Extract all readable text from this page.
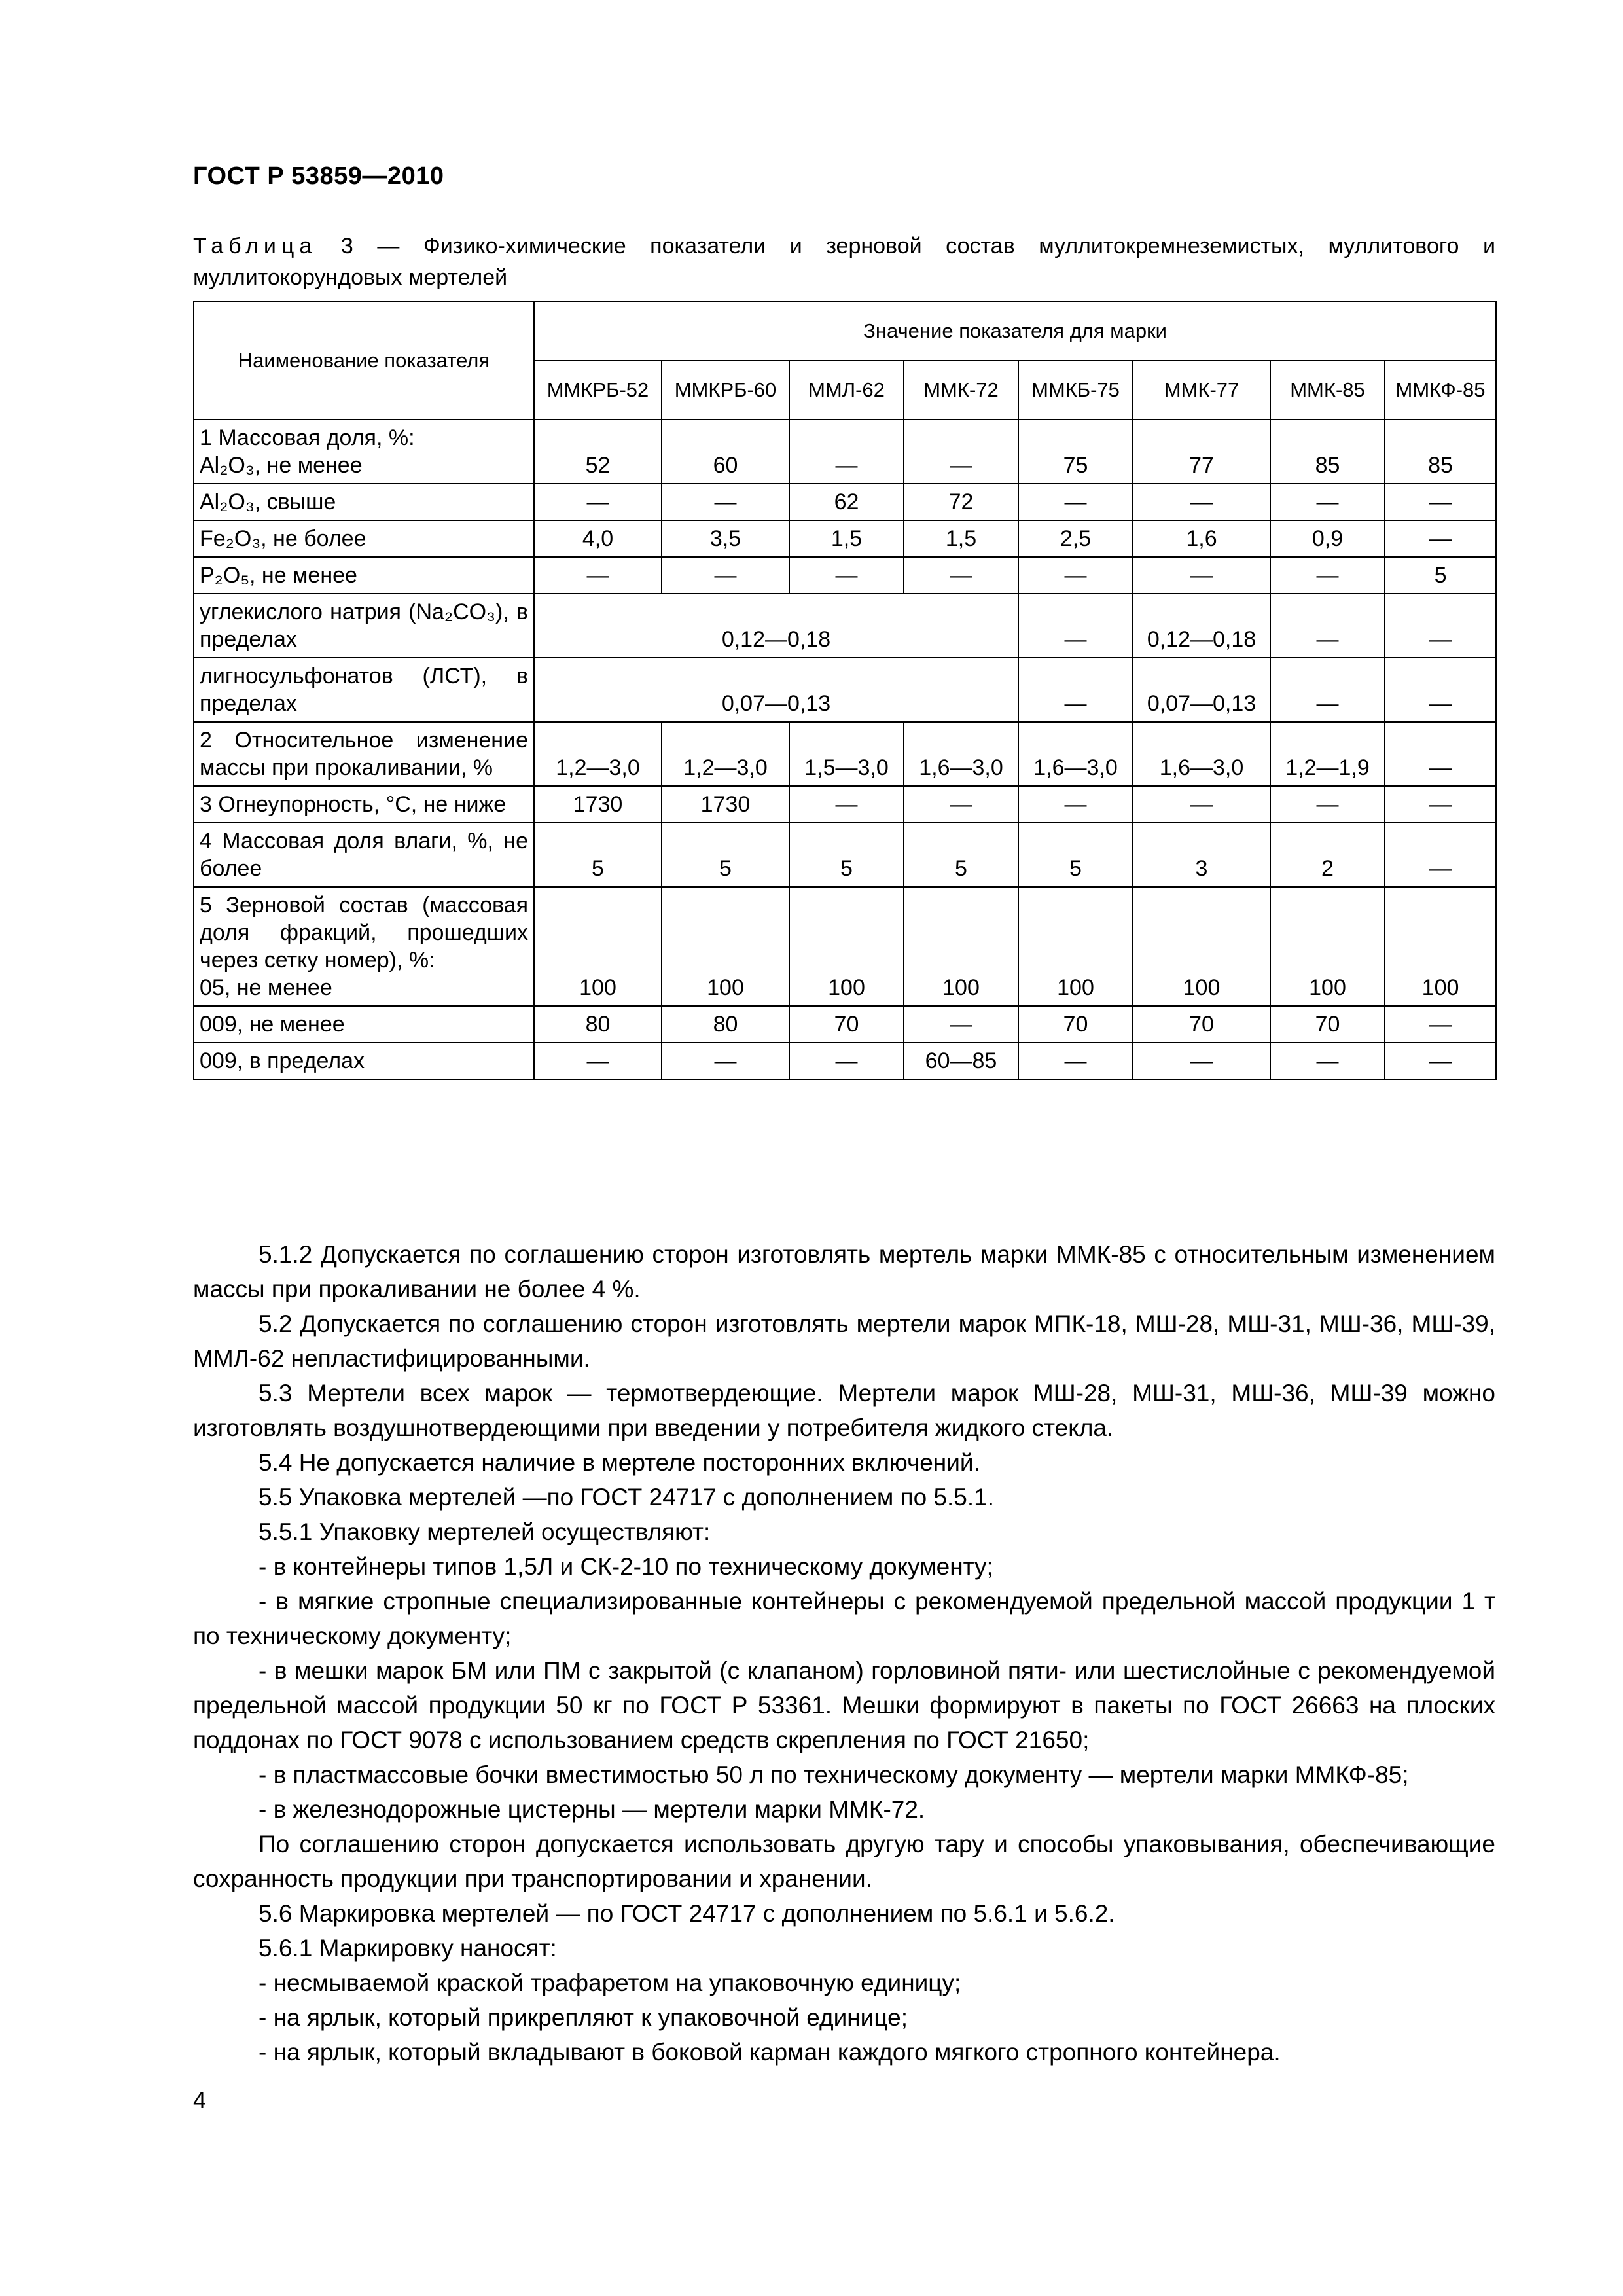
ГОСТ Р 53859—2010
Таблица 3 — Физико-химические показатели и зерновой состав муллитокремнеземистых, муллитового и муллитокорундовых мертелей
Наименование показателя	Значение показателя для марки							
	ММКРБ-52	ММКРБ-60	ММЛ-62	ММК-72	ММКБ-75	ММК-77	ММК-85	ММКФ-85

1 Массовая доля, %:
Al₂O₃, не менее	52	60	—	—	75	77	85	85
Al₂O₃, свыше	—	—	62	72	—	—	—	—
Fe₂O₃, не более	4,0	3,5	1,5	1,5	2,5	1,6	0,9	—
P₂O₅, не менее	—	—	—	—	—	—	—	5
углекислого натрия (Na₂CO₃), в пределах	0,12—0,18				—	0,12—0,18	—	—
лигносульфонатов (ЛСТ), в пределах	0,07—0,13				—	0,07—0,13	—	—
2 Относительное изменение массы при прокаливании, %	1,2—3,0	1,2—3,0	1,5—3,0	1,6—3,0	1,6—3,0	1,6—3,0	1,2—1,9	—
3 Огнеупорность, °С, не ниже	1730	1730	—	—	—	—	—	—
4 Массовая доля влаги, %, не более	5	5	5	5	5	3	2	—

5 Зерновой состав (массовая доля фракций, прошедших через сетку номер), %:
05, не менее	100	100	100	100	100	100	100	100
009, не менее	80	80	70	—	70	70	70	—
009, в пределах	—	—	—	60—85	—	—	—	—

5.1.2 Допускается по соглашению сторон изготовлять мертель марки ММК-85 с относительным изменением массы при прокаливании не более 4 %.

5.2 Допускается по соглашению сторон изготовлять мертели марок МПК-18, МШ-28, МШ-31, МШ-36, МШ-39, ММЛ-62 непластифицированными.

5.3 Мертели всех марок — термотвердеющие. Мертели марок МШ-28, МШ-31, МШ-36, МШ-39 можно изготовлять воздушнотвердеющими при введении у потребителя жидкого стекла.

5.4 Не допускается наличие в мертеле посторонних включений.

5.5 Упаковка мертелей —по ГОСТ 24717 с дополнением по 5.5.1.

5.5.1 Упаковку мертелей осуществляют:

- в контейнеры типов 1,5Л и СК-2-10 по техническому документу;

- в мягкие стропные специализированные контейнеры с рекомендуемой предельной массой продукции 1 т по техническому документу;

- в мешки марок БМ или ПМ с закрытой (с клапаном) горловиной пяти- или шестислойные с рекомендуемой предельной массой продукции 50 кг по ГОСТ Р 53361. Мешки формируют в пакеты по ГОСТ 26663 на плоских поддонах по ГОСТ 9078 с использованием средств скрепления по ГОСТ 21650;

- в пластмассовые бочки вместимостью 50 л по техническому документу — мертели марки ММКФ-85;

- в железнодорожные цистерны — мертели марки ММК-72.

По соглашению сторон допускается использовать другую тару и способы упаковывания, обеспечивающие сохранность продукции при транспортировании и хранении.

5.6 Маркировка мертелей — по ГОСТ 24717 с дополнением по 5.6.1 и 5.6.2.

5.6.1 Маркировку наносят:

- несмываемой краской трафаретом на упаковочную единицу;

- на ярлык, который прикрепляют к упаковочной единице;

- на ярлык, который вкладывают в боковой карман каждого мягкого стропного контейнера.

4
